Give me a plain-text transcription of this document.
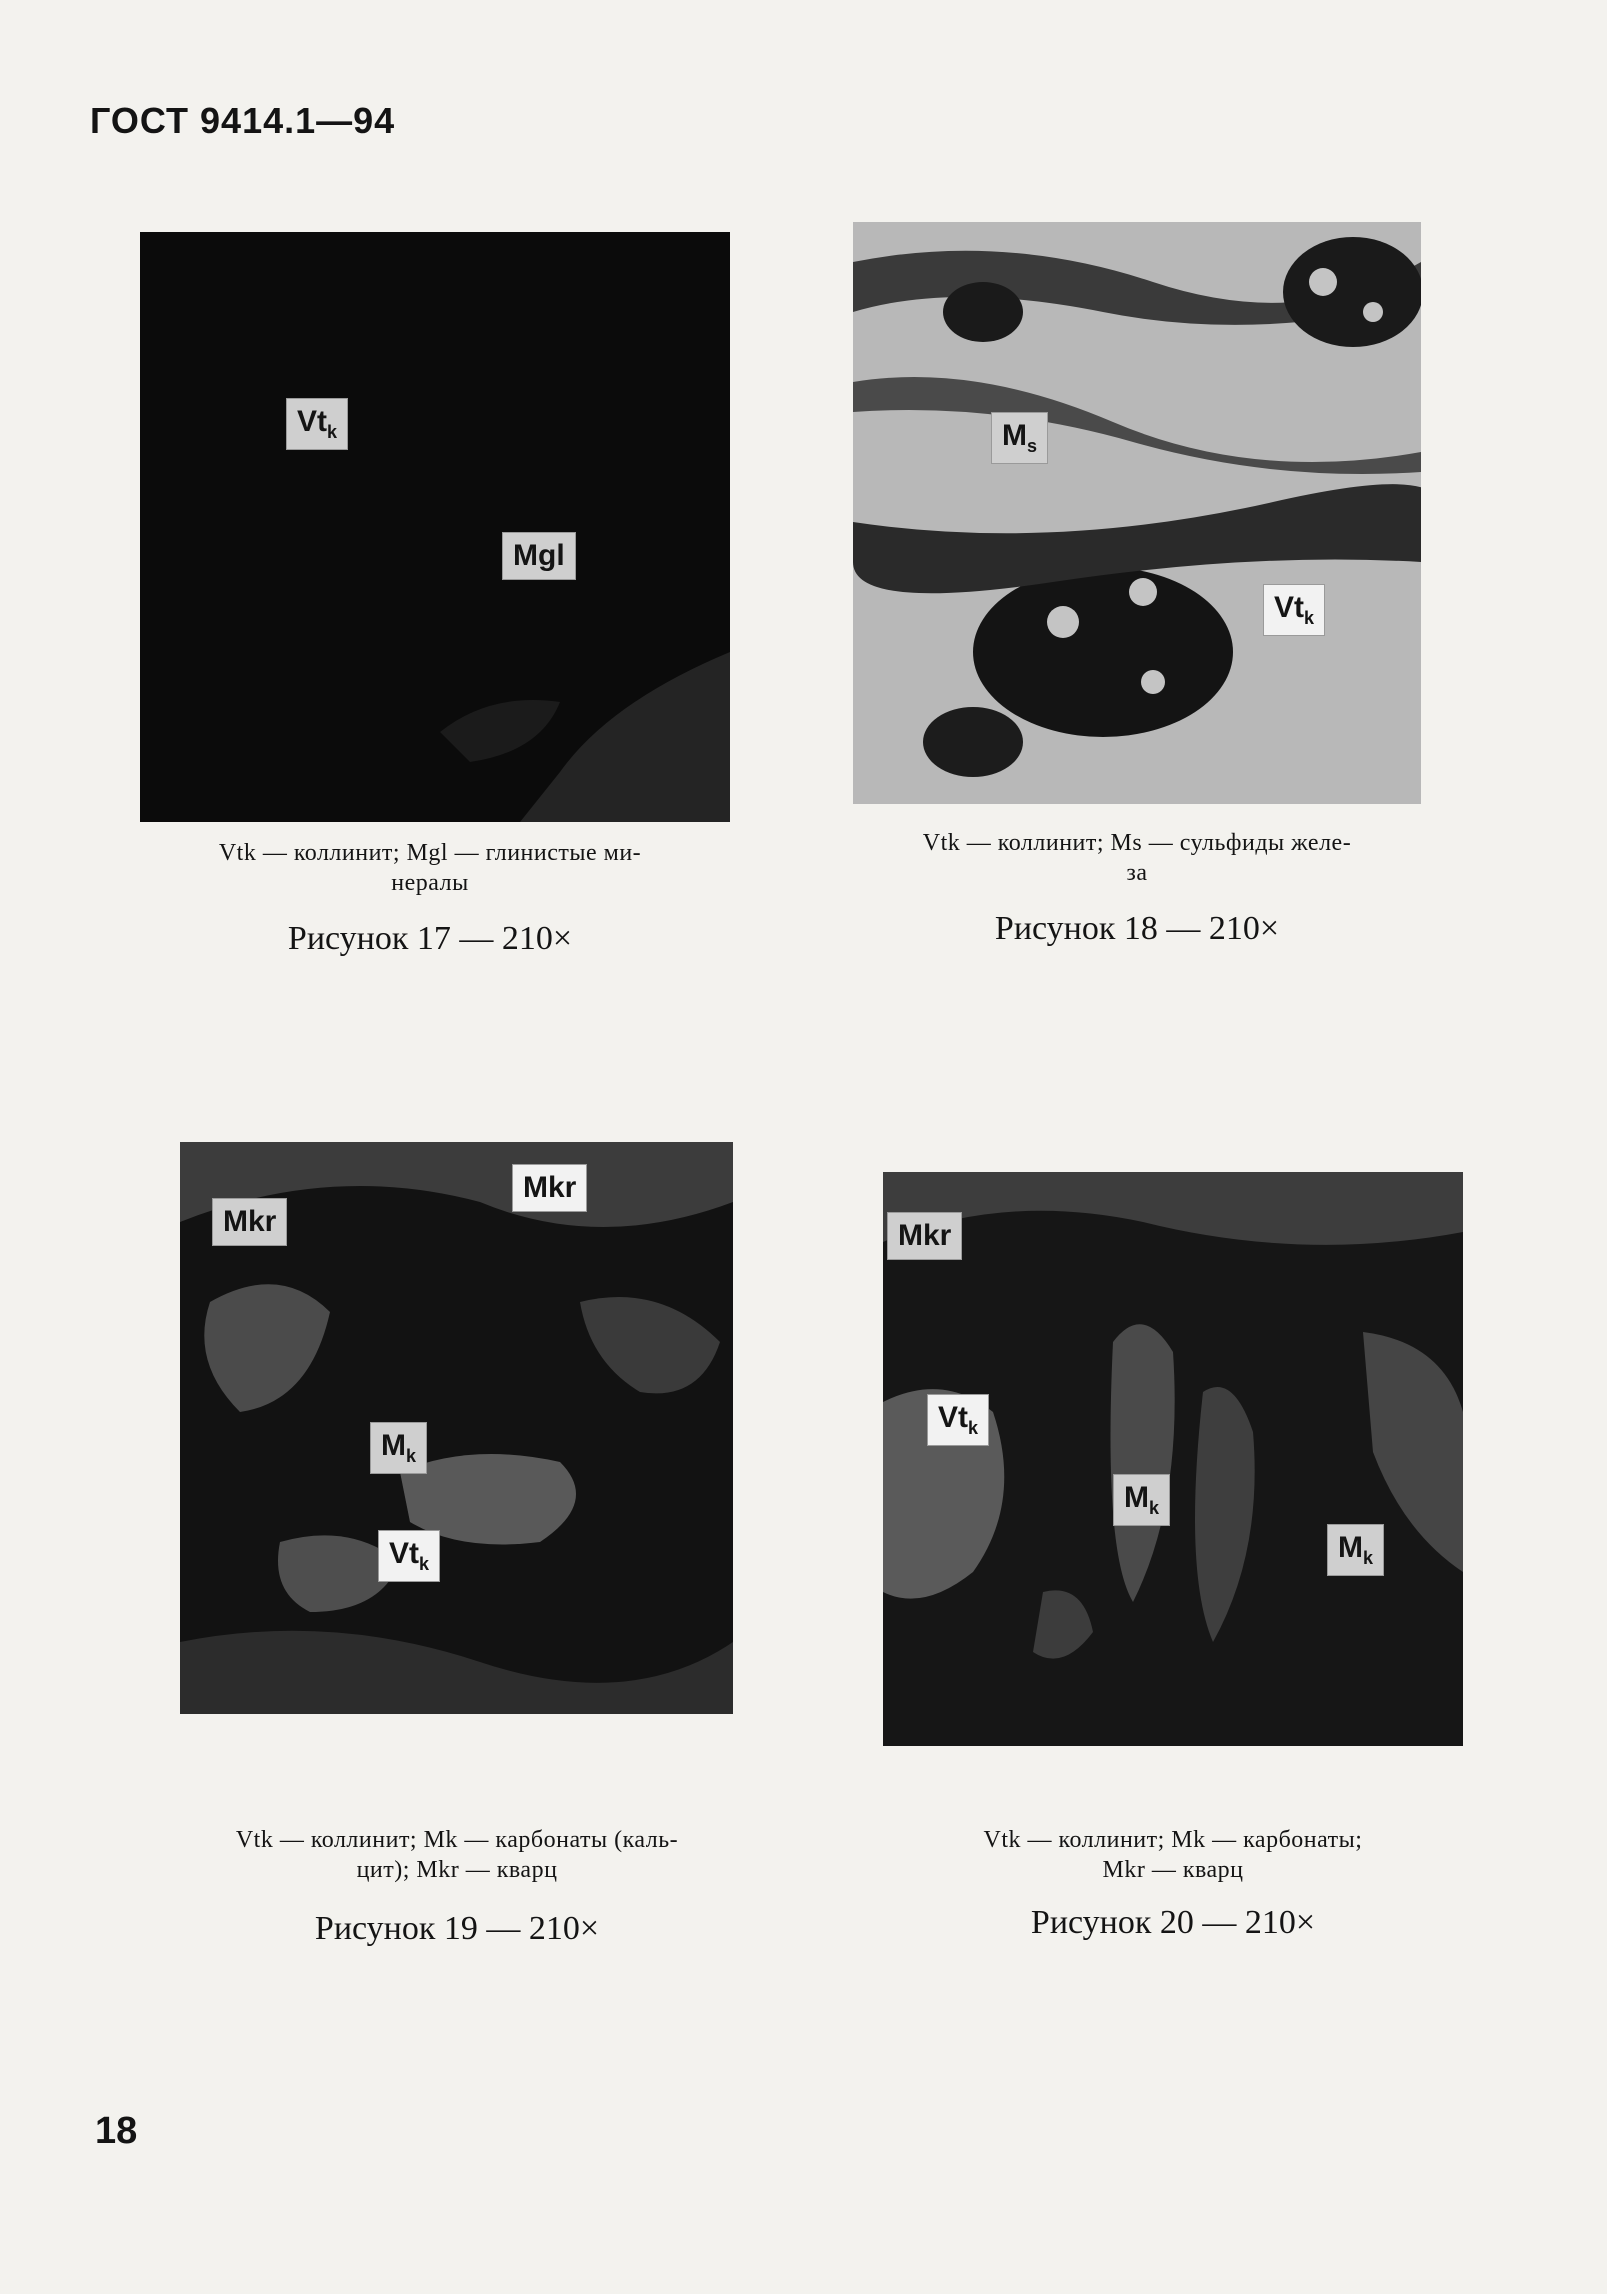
ГОСТ 9414.1—94
$Vt_k$
Mgl
Vtk — коллинит; Mgl — глинистые ми-
нералы
Рисунок 17 — 210×
$M_s$
$Vt_k$
Vtk — коллинит; Ms — сульфиды желе-
за
Рисунок 18 — 210×
Mkr
Mkr
$M_k$
$Vt_k$
Vtk — коллинит; Mk — карбонаты (каль-
цит); Mkr — кварц
Рисунок 19 — 210×
Mkr
$Vt_k$
$M_k$
$M_k$
Vtk — коллинит; Mk — карбонаты;
Mkr — кварц
Рисунок 20 — 210×
18
